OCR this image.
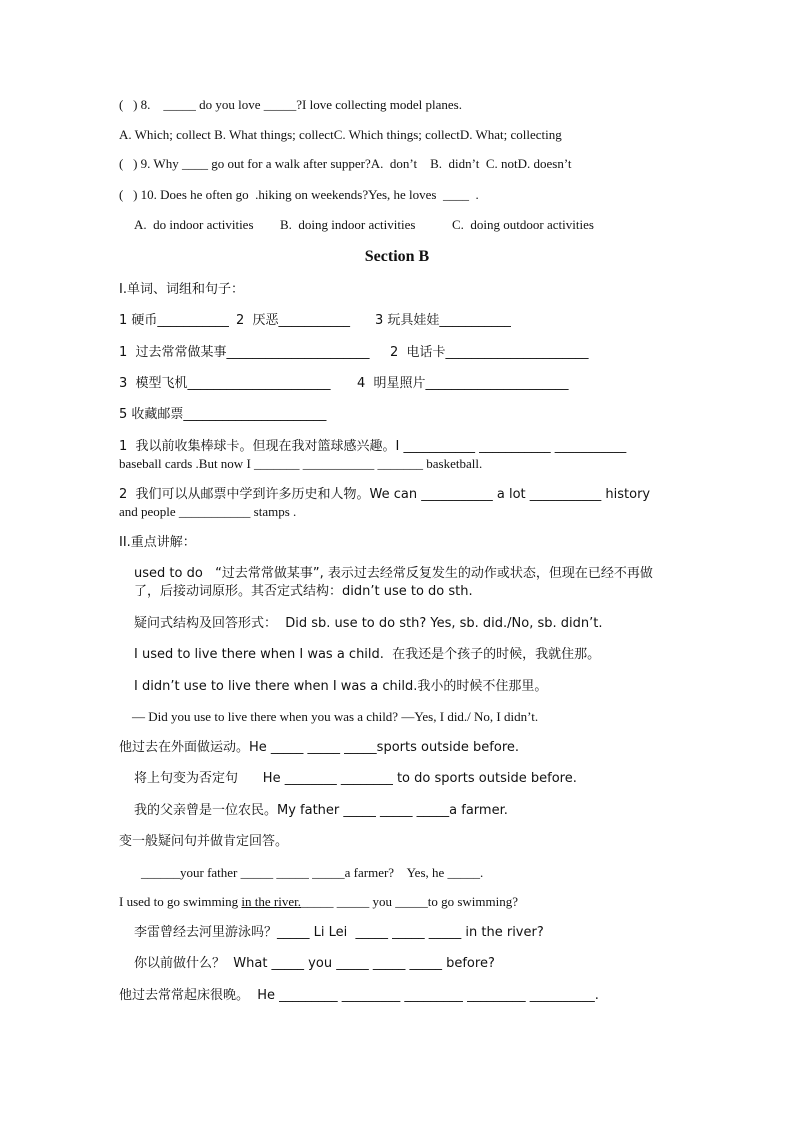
(   ) 8.    _____ do you love _____?I love collecting model planes.
A. Which; collect B. What things; collectC. Which things; collectD. What; collecting
(   ) 9. Why ____ go out for a walk after supper?A.  don’t    B.  didn’t  C. notD. doesn’t
(   ) 10. Does he often go  .hiking on weekends?Yes, he loves  ____  .
A.  do indoor activities B.  doing indoor activities	C.  doing outdoor activities
Section B
I.单词、词组和句子：
1 硬币___________ 2  厌恶___________ 3 玩具娃娃___________
1  过去常常做某事______________________ 2  电话卡______________________
3  模型飞机______________________ 4  明星照片______________________
5 收藏邮票______________________
1  我以前收集棒球卡。但现在我对篮球感兴趣。I ___________ ___________ ___________
baseball cards .But now I _______ ___________ _______ basketball.
2  我们可以从邮票中学到许多历史和人物。We can ___________ a lot ___________ history
and people ___________ stamps .
II.重点讲解：
used to do   “过去常常做某事”, 表示过去经常反复发生的动作或状态，但现在已经不再做
了，后接动词原形。其否定式结构：didn’t use to do sth.
疑问式结构及回答形式：  Did sb. use to do sth? Yes, sb. did./No, sb. didn’t.
I used to live there when I was a child.  在我还是个孩子的时候，我就住那。
I didn’t use to live there when I was a child.我小的时候不住那里。
— Did you use to live there when you was a child? —Yes, I did./ No, I didn’t.
他过去在外面做运动。He _____ _____ _____sports outside before.
将上句变为否定句      He ________ ________ to do sports outside before.
我的父亲曾是一位农民。My father _____ _____ _____a farmer.
变一般疑问句并做肯定回答。
______your father _____ _____ _____a farmer?    Yes, he _____.
I used to go swimming in the river._____ _____ you _____to go swimming?
李雷曾经去河里游泳吗？_____ Li Lei  _____ _____ _____ in the river?
你以前做什么？  What _____ you _____ _____ _____ before?
他过去常常起床很晚。  He _________ _________ _________ _________ __________.
